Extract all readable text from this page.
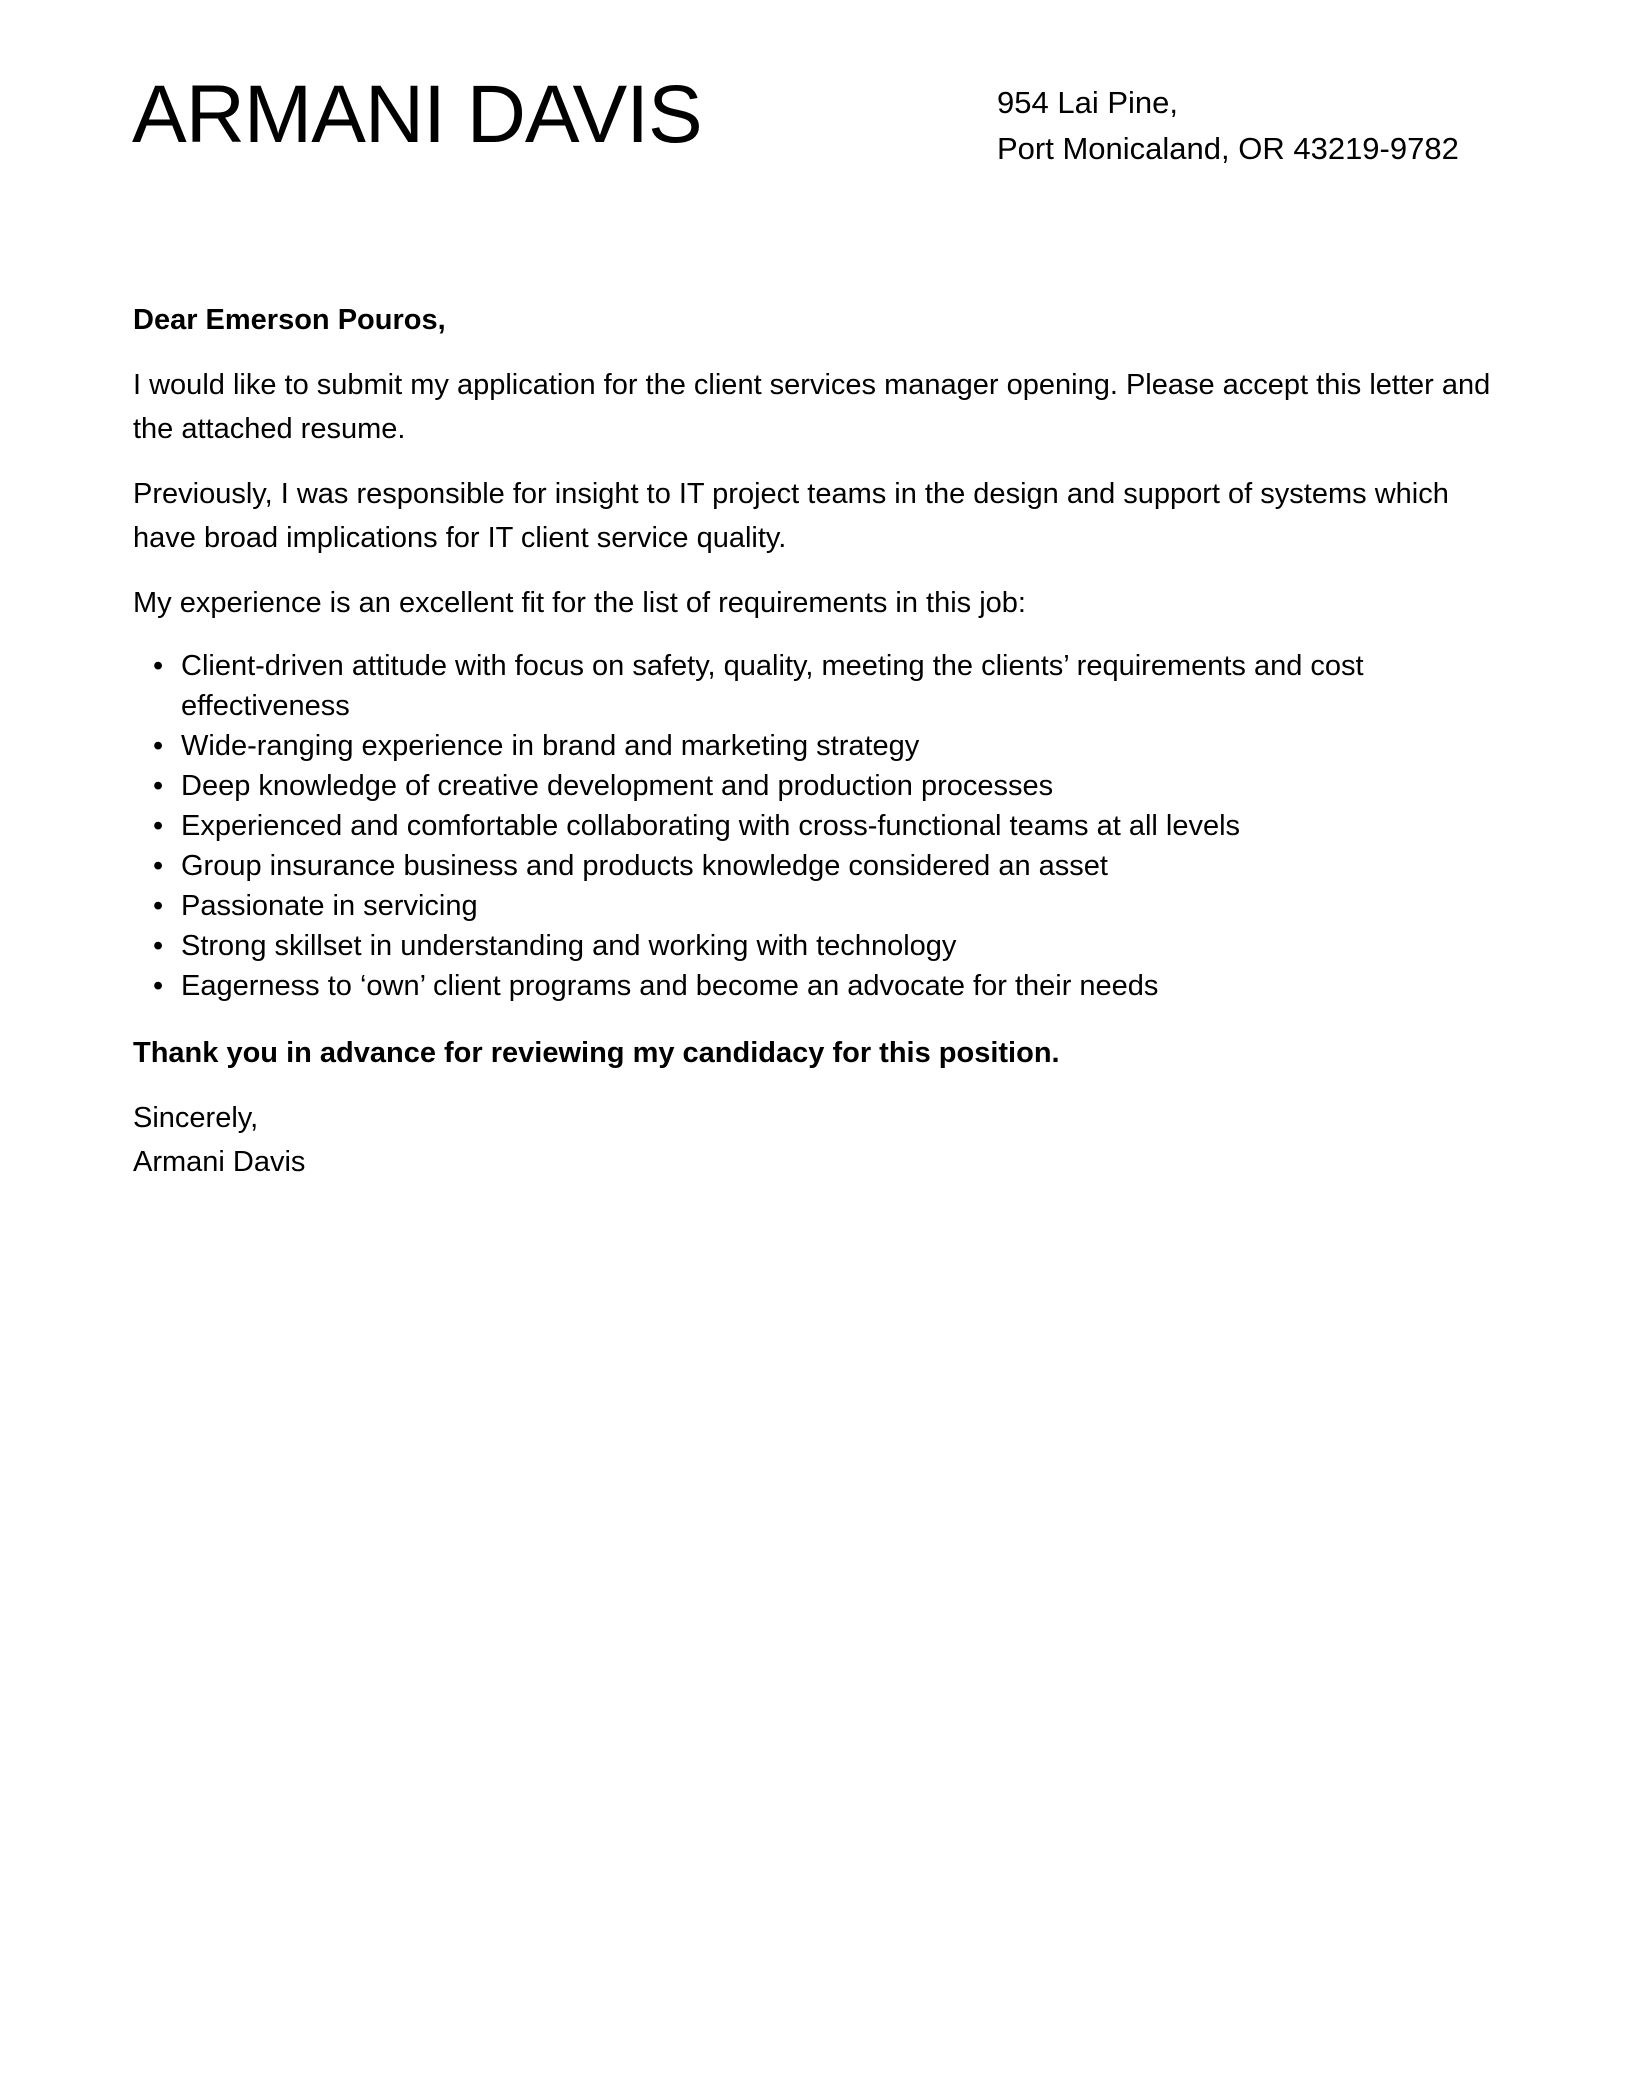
ARMANI DAVIS	954 Lai Pine,
Port Monicaland, OR 43219-9782

Dear Emerson Pouros,

I would like to submit my application for the client services manager opening. Please accept this letter and the attached resume.

Previously, I was responsible for insight to IT project teams in the design and support of systems which have broad implications for IT client service quality.

My experience is an excellent fit for the list of requirements in this job:

• Client-driven attitude with focus on safety, quality, meeting the clients’ requirements and cost effectiveness
• Wide-ranging experience in brand and marketing strategy
• Deep knowledge of creative development and production processes
• Experienced and comfortable collaborating with cross-functional teams at all levels
• Group insurance business and products knowledge considered an asset
• Passionate in servicing
• Strong skillset in understanding and working with technology
• Eagerness to ‘own’ client programs and become an advocate for their needs

Thank you in advance for reviewing my candidacy for this position.

Sincerely,
Armani Davis
